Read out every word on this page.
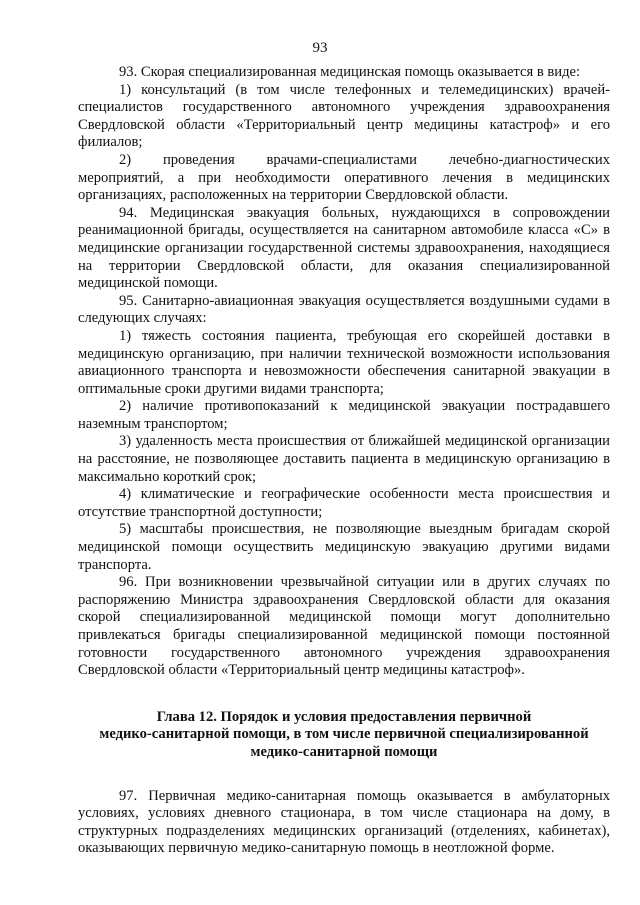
93

93. Скорая специализированная медицинская помощь оказывается в виде:

1) консультаций (в том числе телефонных и телемедицинских) врачей-специалистов государственного автономного учреждения здравоохранения Свердловской области «Территориальный центр медицины катастроф» и его филиалов;

2) проведения врачами-специалистами лечебно-диагностических мероприятий, а при необходимости оперативного лечения в медицинских организациях, расположенных на территории Свердловской области.

94. Медицинская эвакуация больных, нуждающихся в сопровождении реанимационной бригады, осуществляется на санитарном автомобиле класса «С» в медицинские организации государственной системы здравоохранения, находящиеся на территории Свердловской области, для оказания специализированной медицинской помощи.

95. Санитарно-авиационная эвакуация осуществляется воздушными судами в следующих случаях:

1) тяжесть состояния пациента, требующая его скорейшей доставки в медицинскую организацию, при наличии технической возможности использования авиационного транспорта и невозможности обеспечения санитарной эвакуации в оптимальные сроки другими видами транспорта;

2) наличие противопоказаний к медицинской эвакуации пострадавшего наземным транспортом;

3) удаленность места происшествия от ближайшей медицинской организации на расстояние, не позволяющее доставить пациента в медицинскую организацию в максимально короткий срок;

4) климатические и географические особенности места происшествия и отсутствие транспортной доступности;

5) масштабы происшествия, не позволяющие выездным бригадам скорой медицинской помощи осуществить медицинскую эвакуацию другими видами транспорта.

96. При возникновении чрезвычайной ситуации или в других случаях по распоряжению Министра здравоохранения Свердловской области для оказания скорой специализированной медицинской помощи могут дополнительно привлекаться бригады специализированной медицинской помощи постоянной готовности государственного автономного учреждения здравоохранения Свердловской области «Территориальный центр медицины катастроф».

Глава 12. Порядок и условия предоставления первичной
медико-санитарной помощи, в том числе первичной специализированной
медико-санитарной помощи

97. Первичная медико-санитарная помощь оказывается в амбулаторных условиях, условиях дневного стационара, в том числе стационара на дому, в структурных подразделениях медицинских организаций (отделениях, кабинетах), оказывающих первичную медико-санитарную помощь в неотложной форме.
